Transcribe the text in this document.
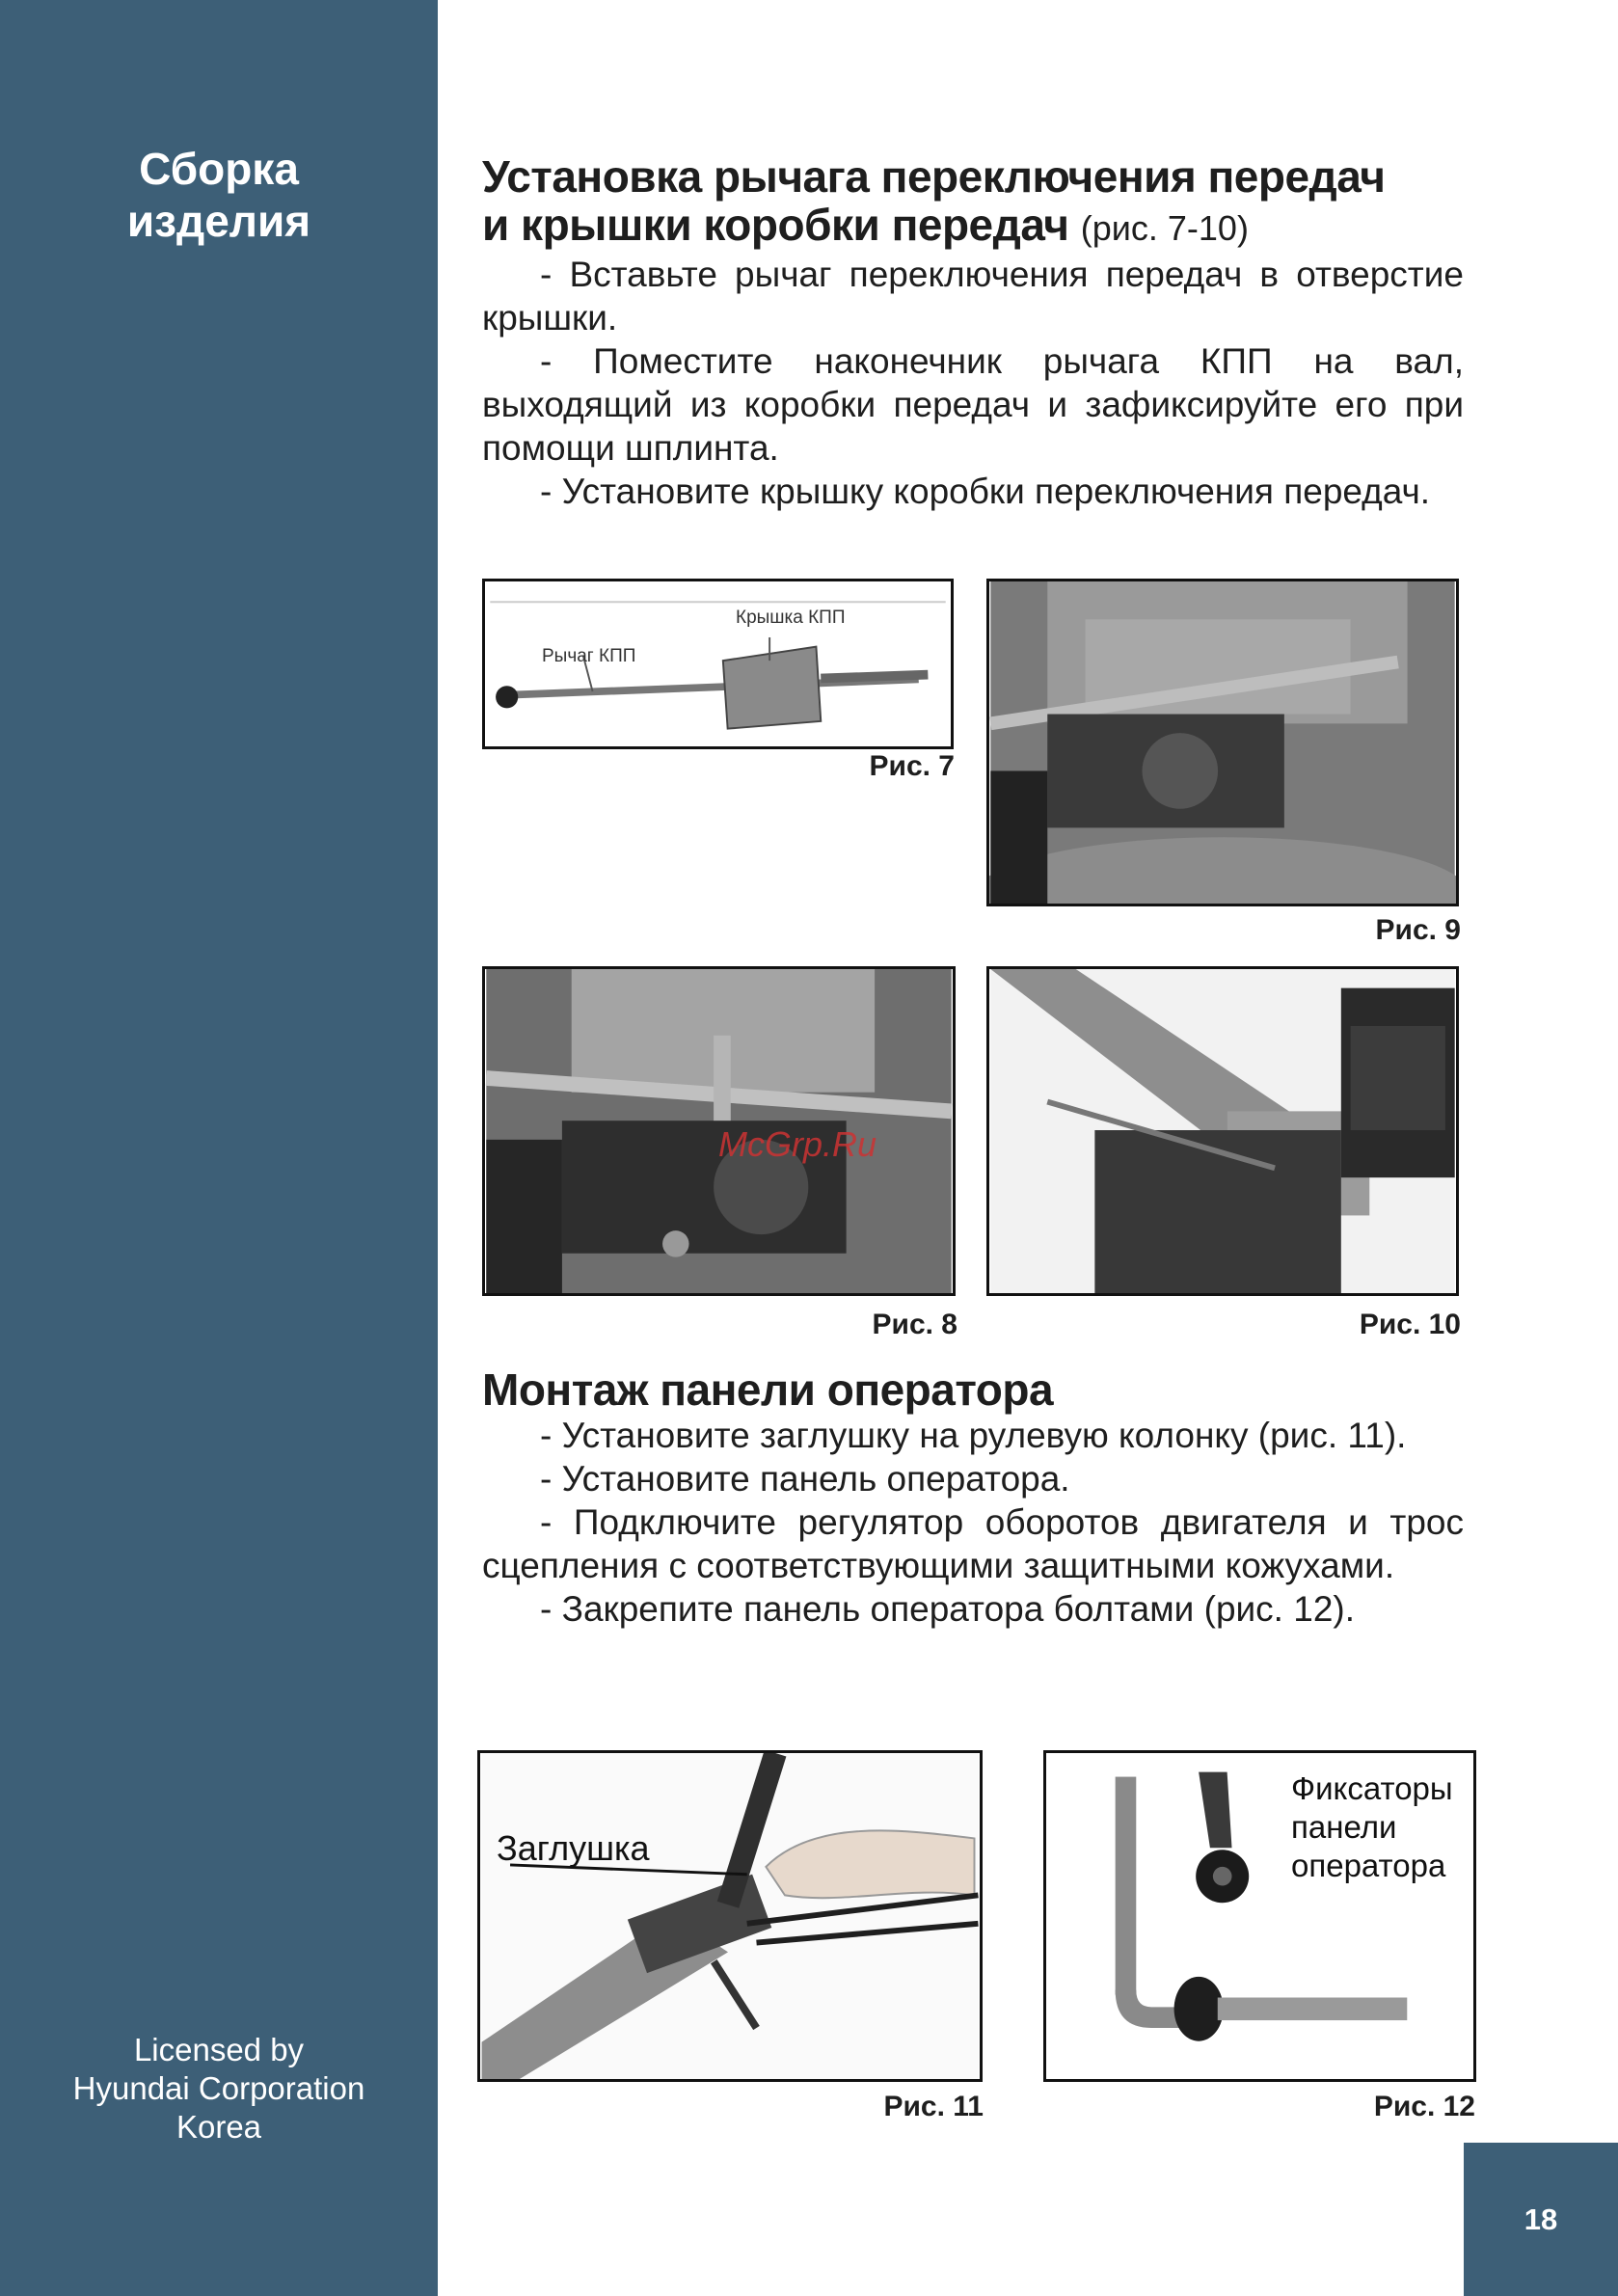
Сборка
изделия
Licensed by
Hyundai Corporation
Korea
Установка рычага переключения передач
и крышки коробки передач (рис. 7-10)

- Вставьте рычаг переключения передач в отверстие крышки.

- Поместите наконечник рычага КПП на вал, выходящий из коробки передач и зафиксируйте его при помощи шплинта.

- Установите крышку коробки переключения передач.

Крышка КПП
Рычаг КПП
Рис. 7
Рис. 9
McGrp.Ru
Рис. 8	Рис. 10
Монтаж панели оператора

- Установите заглушку на рулевую колонку (рис. 11).

- Установите панель оператора.

- Подключите регулятор оборотов двигателя и трос сцепления с соответствующими защитными кожухами.

- Закрепите панель оператора болтами (рис. 12).

Заглушка
Рис. 11
Фиксаторы
панели
оператора
Рис. 12
18
